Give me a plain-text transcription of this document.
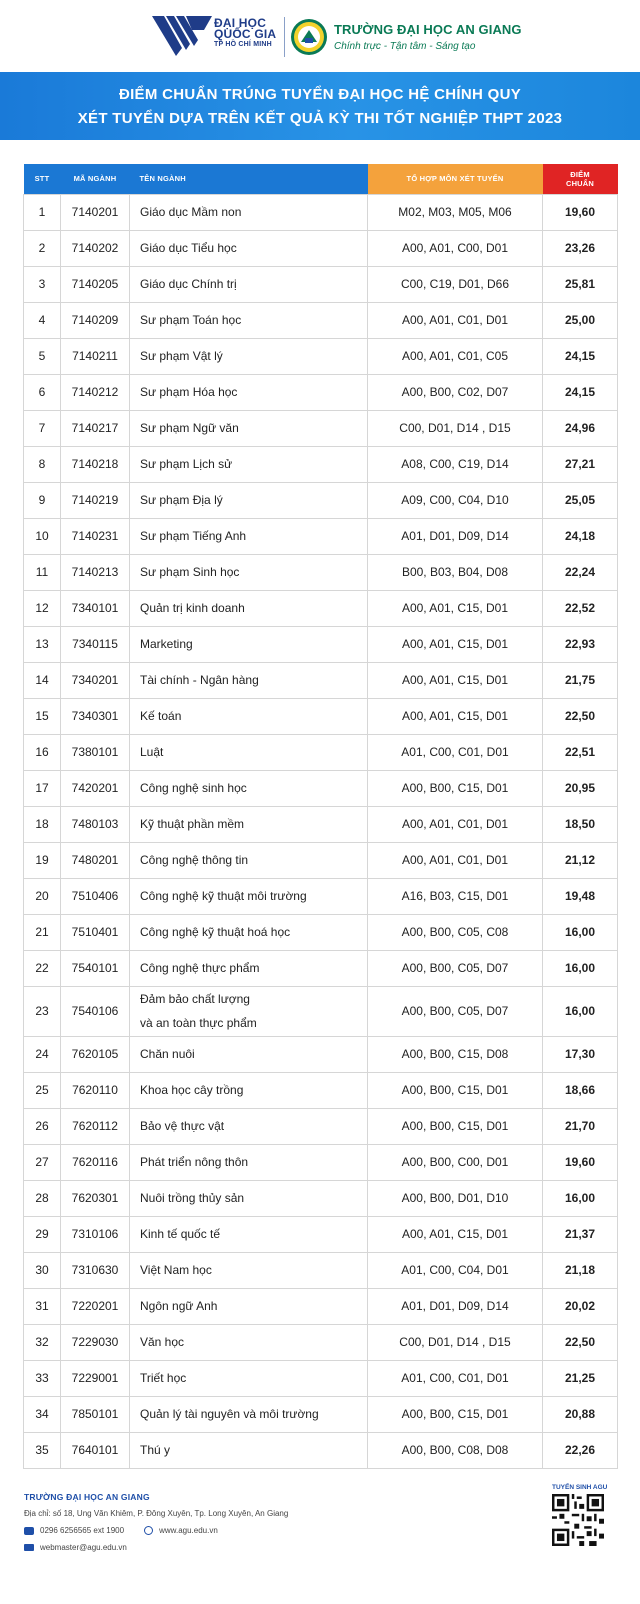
ĐẠI HỌC
QUỐC GIA
TP HỒ CHÍ MINH
TRƯỜNG ĐẠI HỌC AN GIANG
Chính trực - Tận tâm - Sáng tạo
ĐIỂM CHUẨN TRÚNG TUYỂN ĐẠI HỌC HỆ CHÍNH QUY
XÉT TUYỂN DỰA TRÊN KẾT QUẢ KỲ THI TỐT NGHIỆP THPT 2023
STT	MÃ NGÀNH	TÊN NGÀNH	TỔ HỢP MÔN XÉT TUYỂN	ĐIỂM
CHUẨN

1	7140201	Giáo dục Mầm non	M02, M03, M05, M06	19,60
2	7140202	Giáo dục Tiểu học	A00, A01, C00, D01	23,26
3	7140205	Giáo dục Chính trị	C00, C19, D01, D66	25,81
4	7140209	Sư phạm Toán học	A00, A01, C01, D01	25,00
5	7140211	Sư phạm Vật lý	A00, A01, C01, C05	24,15
6	7140212	Sư phạm Hóa học	A00, B00, C02, D07	24,15
7	7140217	Sư phạm Ngữ văn	C00, D01, D14 , D15	24,96
8	7140218	Sư phạm Lịch sử	A08, C00, C19, D14	27,21
9	7140219	Sư phạm Địa lý	A09, C00, C04, D10	25,05
10	7140231	Sư phạm Tiếng Anh	A01, D01, D09, D14	24,18
11	7140213	Sư phạm Sinh học	B00, B03, B04, D08	22,24
12	7340101	Quản trị kinh doanh	A00, A01, C15, D01	22,52
13	7340115	Marketing	A00, A01, C15, D01	22,93
14	7340201	Tài chính - Ngân hàng	A00, A01, C15, D01	21,75
15	7340301	Kế toán	A00, A01, C15, D01	22,50
16	7380101	Luật	A01, C00, C01, D01	22,51
17	7420201	Công nghệ sinh học	A00, B00, C15, D01	20,95
18	7480103	Kỹ thuật phần mềm	A00, A01, C01, D01	18,50
19	7480201	Công nghệ thông tin	A00, A01, C01, D01	21,12
20	7510406	Công nghệ kỹ thuật môi trường	A16, B03, C15, D01	19,48
21	7510401	Công nghệ kỹ thuật hoá học	A00, B00, C05, C08	16,00
22	7540101	Công nghệ thực phẩm	A00, B00, C05, D07	16,00
23	7540106	Đảm bảo chất lượng
và an toàn thực phẩm	A00, B00, C05, D07	16,00
24	7620105	Chăn nuôi	A00, B00, C15, D08	17,30
25	7620110	Khoa học cây trồng	A00, B00, C15, D01	18,66
26	7620112	Bảo vệ thực vật	A00, B00, C15, D01	21,70
27	7620116	Phát triển nông thôn	A00, B00, C00, D01	19,60
28	7620301	Nuôi trồng thủy sản	A00, B00, D01, D10	16,00
29	7310106	Kinh tế quốc tế	A00, A01, C15, D01	21,37
30	7310630	Việt Nam học	A01, C00, C04, D01	21,18
31	7220201	Ngôn ngữ Anh	A01, D01, D09, D14	20,02
32	7229030	Văn học	C00, D01, D14 , D15	22,50
33	7229001	Triết học	A01, C00, C01, D01	21,25
34	7850101	Quản lý tài nguyên và môi trường	A00, B00, C15, D01	20,88
35	7640101	Thú y	A00, B00, C08, D08	22,26
TRƯỜNG ĐẠI HỌC AN GIANG
Địa chỉ: số 18, Ung Văn Khiêm, P. Đông Xuyên, Tp. Long Xuyên, An Giang
0296 6256565 ext 1900	www.agu.edu.vn
webmaster@agu.edu.vn
TUYỂN SINH AGU
